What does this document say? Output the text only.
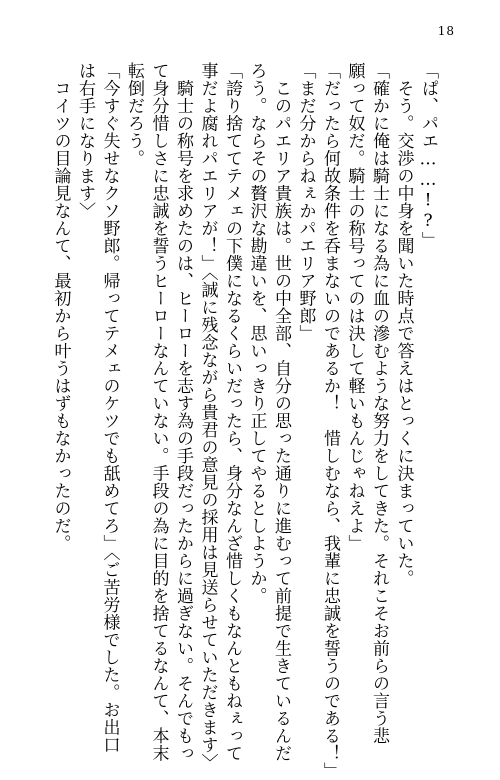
18

「ぱ、パエ……!?」

　そう。交渉の中身を聞いた時点で答えはとっくに決まっていた。

「確かに俺は騎士になる為に血の滲むような努力をしてきた。それこそお前らの言う悲

願って奴だ。騎士の称号ってのは決して軽いもんじゃねえよ」

「だったら何故条件を呑まないのであるか！　惜しむなら、我輩に忠誠を誓うのである！」

「まだ分からねぇかパエリア野郎」

　このパエリア貴族は。世の中全部、自分の思った通りに進むって前提で生きているんだ

ろう。ならその贅沢な勘違いを、思いっきり正してやるとしようか。

「誇り捨ててテメェの下僕になるくらいだったら、身分なんざ惜しくもなんともねぇって

事だよ腐れパエリアが！」〈誠に残念ながら貴君の意見の採用は見送らせていただきます〉

　騎士の称号を求めたのは、ヒーローを志す為の手段だったからに過ぎない。そんでもっ

て身分惜しさに忠誠を誓うヒーローなんていない。手段の為に目的を捨てるなんて、本末

転倒だろう。

「今すぐ失せなクソ野郎。帰ってテメェのケツでも舐めてろ」〈ご苦労様でした。お出口

は右手になります〉

　コイツの目論見なんて、最初から叶うはずもなかったのだ。
